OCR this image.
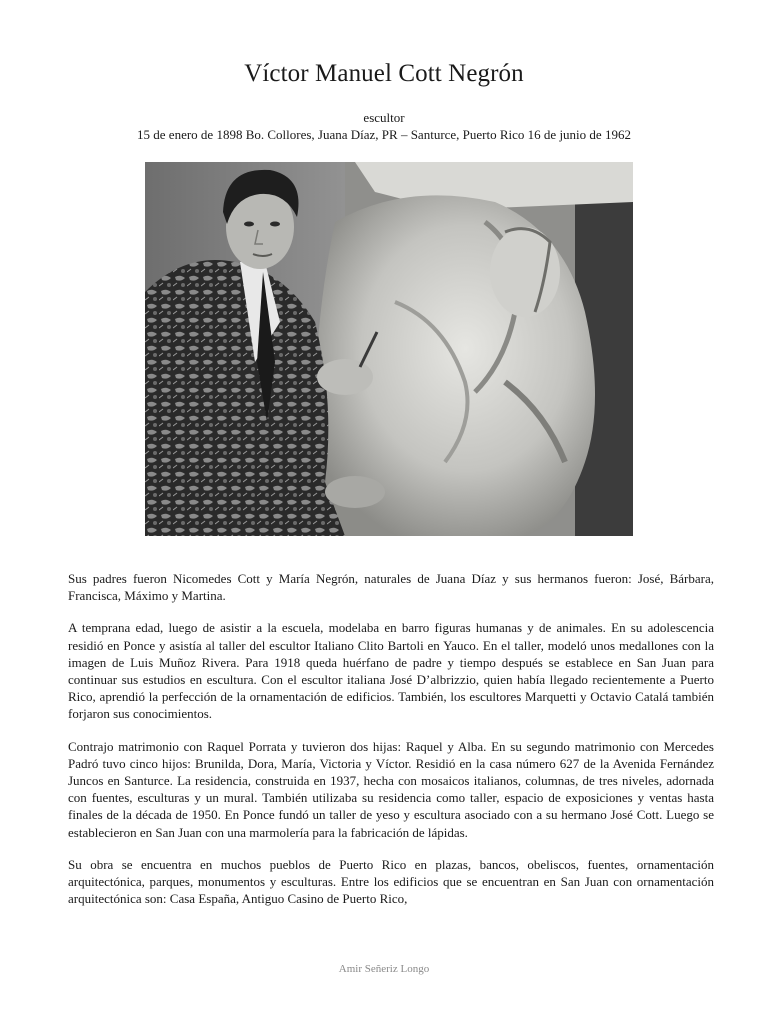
Víctor Manuel Cott Negrón
escultor
15 de enero de 1898 Bo. Collores, Juana Díaz, PR – Santurce, Puerto Rico 16 de junio de 1962

Sus padres fueron Nicomedes Cott y María Negrón, naturales de Juana Díaz y sus hermanos fueron: José, Bárbara, Francisca, Máximo y Martina.

A temprana edad, luego de asistir a la escuela, modelaba en barro figuras humanas y de animales. En su adolescencia residió en Ponce y asistía al taller del escultor Italiano Clito Bartoli en Yauco. En el taller, modeló unos medallones con la imagen de Luis Muñoz Rivera. Para 1918 queda huérfano de padre y tiempo después se establece en San Juan para continuar sus estudios en escultura. Con el escultor italiana José D’albrizzio, quien había llegado recientemente a Puerto Rico, aprendió la perfección de la ornamentación de edificios. También, los escultores Marquetti y Octavio Catalá también forjaron sus conocimientos.

Contrajo matrimonio con Raquel Porrata y tuvieron dos hijas: Raquel y Alba. En su segundo matrimonio con Mercedes Padró tuvo cinco hijos: Brunilda, Dora, María, Victoria y Víctor. Residió en la casa número 627 de la Avenida Fernández Juncos en Santurce. La residencia, construida en 1937, hecha con mosaicos italianos, columnas, de tres niveles, adornada con fuentes, esculturas y un mural. También utilizaba su residencia como taller, espacio de exposiciones y ventas hasta finales de la década de 1950. En Ponce fundó un taller de yeso y escultura asociado con a su hermano José Cott. Luego se establecieron en San Juan con una marmolería para la fabricación de lápidas.

Su obra se encuentra en muchos pueblos de Puerto Rico en plazas, bancos, obeliscos, fuentes, ornamentación arquitectónica, parques, monumentos y esculturas. Entre los edificios que se encuentran en San Juan con ornamentación arquitectónica son: Casa España, Antiguo Casino de Puerto Rico,

Amir Señeriz Longo
